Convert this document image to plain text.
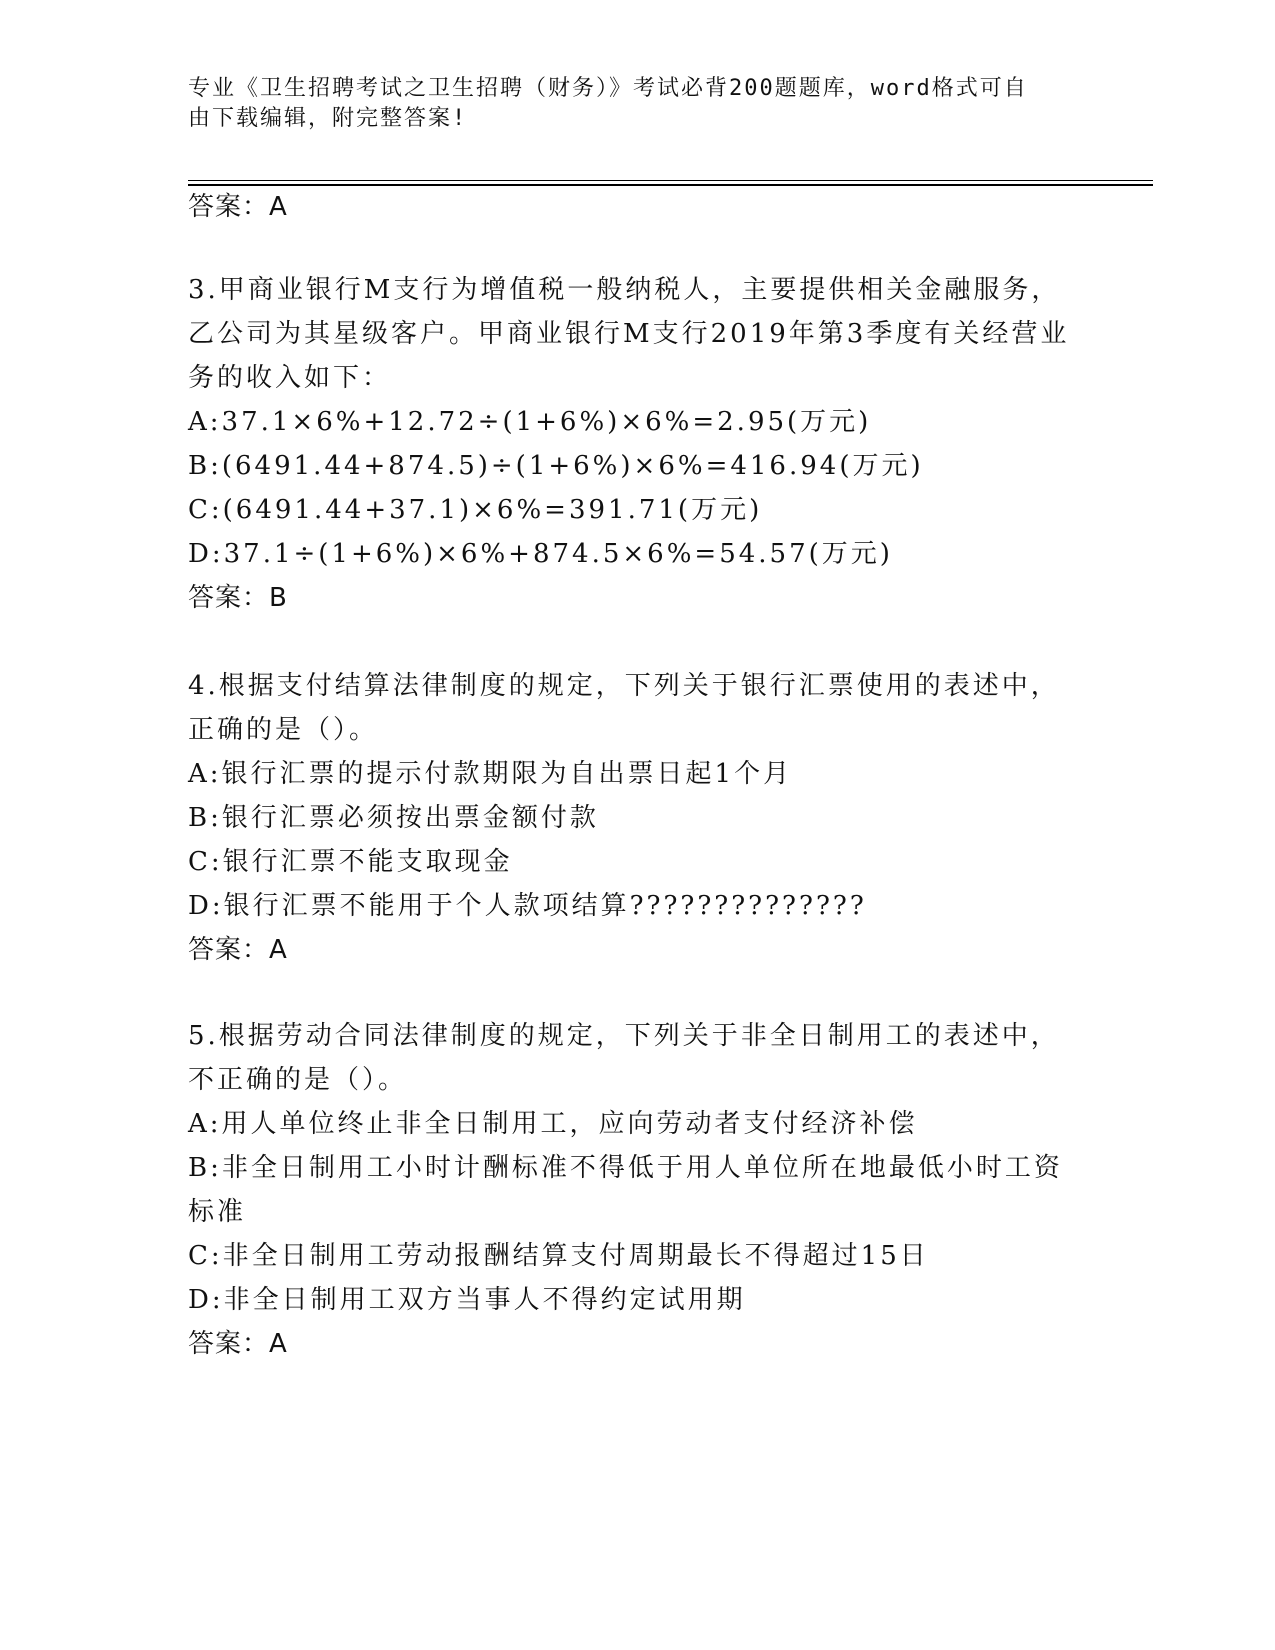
专业《卫生招聘考试之卫生招聘（财务）》考试必背200题题库，word格式可自
由下载编辑，附完整答案!
答案：A
3.甲商业银行M支行为增值税一般纳税人，主要提供相关金融服务，
乙公司为其星级客户。甲商业银行M支行2019年第3季度有关经营业
务的收入如下：
A:37.1×6%+12.72÷(1+6%)×6%=2.95(万元)
B:(6491.44+874.5)÷(1+6%)×6%=416.94(万元)
C:(6491.44+37.1)×6%=391.71(万元)
D:37.1÷(1+6%)×6%+874.5×6%=54.57(万元)
答案：B
4.根据支付结算法律制度的规定，下列关于银行汇票使用的表述中，
正确的是（）。
A:银行汇票的提示付款期限为自出票日起1个月
B:银行汇票必须按出票金额付款
C:银行汇票不能支取现金
D:银行汇票不能用于个人款项结算??????????????
答案：A
5.根据劳动合同法律制度的规定，下列关于非全日制用工的表述中，
不正确的是（）。
A:用人单位终止非全日制用工，应向劳动者支付经济补偿
B:非全日制用工小时计酬标准不得低于用人单位所在地最低小时工资
标准
C:非全日制用工劳动报酬结算支付周期最长不得超过15日
D:非全日制用工双方当事人不得约定试用期
答案：A
